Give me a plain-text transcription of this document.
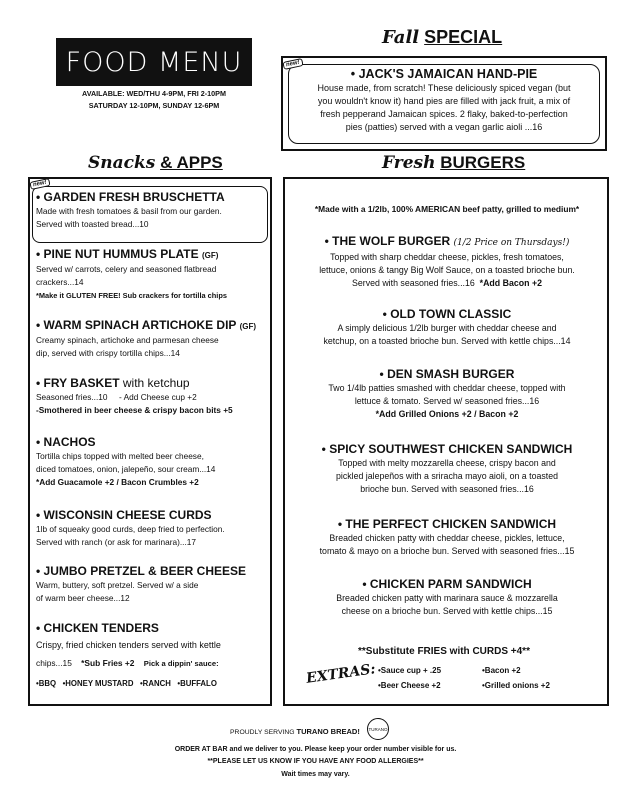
FOOD MENU
AVAILABLE: WED/THU 4-9PM, FRI 2-10PM
SATURDAY 12-10PM, SUNDAY 12-6PM
Fall SPECIAL
• JACK'S JAMAICAN HAND-PIE
House made, from scratch! These deliciously spiced vegan (but
you wouldn't know it) hand pies are filled with jack fruit, a mix of
fresh pepperand Jamaican spices. 2 flaky, baked-to-perfection
pies (patties) served with a vegan garlic aioli ...16
new!
Snacks & APPS	Fresh BURGERS
new!
• GARDEN FRESH BRUSCHETTA
Made with fresh tomatoes & basil from our garden.
Served with toasted bread...10
• PINE NUT HUMMUS PLATE (GF)
Served w/ carrots, celery and seasoned flatbread
crackers...14
*Make it GLUTEN FREE! Sub crackers for tortilla chips
• WARM SPINACH ARTICHOKE DIP (GF)
Creamy spinach, artichoke and parmesan cheese
dip, served with crispy tortilla chips...14
• FRY BASKET with ketchup
Seasoned fries...10     - Add Cheese cup +2
-Smothered in beer cheese & crispy bacon bits +5
• NACHOS
Tortilla chips topped with melted beer cheese,
diced tomatoes, onion, jalepeño, sour cream...14
*Add Guacamole +2 / Bacon Crumbles +2
• WISCONSIN CHEESE CURDS
1lb of squeaky good curds, deep fried to perfection.
Served with ranch (or ask for marinara)...17
• JUMBO PRETZEL & BEER CHEESE
Warm, buttery, soft pretzel. Served w/ a side
of warm beer cheese...12
• CHICKEN TENDERS
Crispy, fried chicken tenders served with kettle
chips...15 *Sub Fries +2 Pick a dippin' sauce:
•BBQ •HONEY MUSTARD •RANCH •BUFFALO
*Made with a 1/2lb, 100% AMERICAN beef patty, grilled to medium*
• THE WOLF BURGER (1/2 Price on Thursdays!)
Topped with sharp cheddar cheese, pickles, fresh tomatoes,
lettuce, onions & tangy Big Wolf Sauce, on a toasted brioche bun.
Served with seasoned fries...16 *Add Bacon +2
• OLD TOWN CLASSIC
A simply delicious 1/2lb burger with cheddar cheese and
ketchup, on a toasted brioche bun. Served with kettle chips...14
• DEN SMASH BURGER
Two 1/4lb patties smashed with cheddar cheese, topped with
lettuce & tomato. Served w/ seasoned fries...16
*Add Grilled Onions +2 / Bacon +2
• SPICY SOUTHWEST CHICKEN SANDWICH
Topped with melty mozzarella cheese, crispy bacon and
pickled jalepeños with a sriracha mayo aioli, on a toasted
brioche bun. Served with seasoned fries...16
• THE PERFECT CHICKEN SANDWICH
Breaded chicken patty with cheddar cheese, pickles, lettuce,
tomato & mayo on a brioche bun. Served with seasoned fries...15
• CHICKEN PARM SANDWICH
Breaded chicken patty with marinara sauce & mozzarella
cheese on a brioche bun. Served with kettle chips...15
**Substitute FRIES with CURDS +4**
EXTRAS: •Sauce cup + .25	•Bacon +2
•Beer Cheese +2	•Grilled onions +2
PROUDLY SERVING TURANO BREAD!	TURANO
ORDER AT BAR and we deliver to you. Please keep your order number visible for us.
**PLEASE LET US KNOW IF YOU HAVE ANY FOOD ALLERGIES**
Wait times may vary.
